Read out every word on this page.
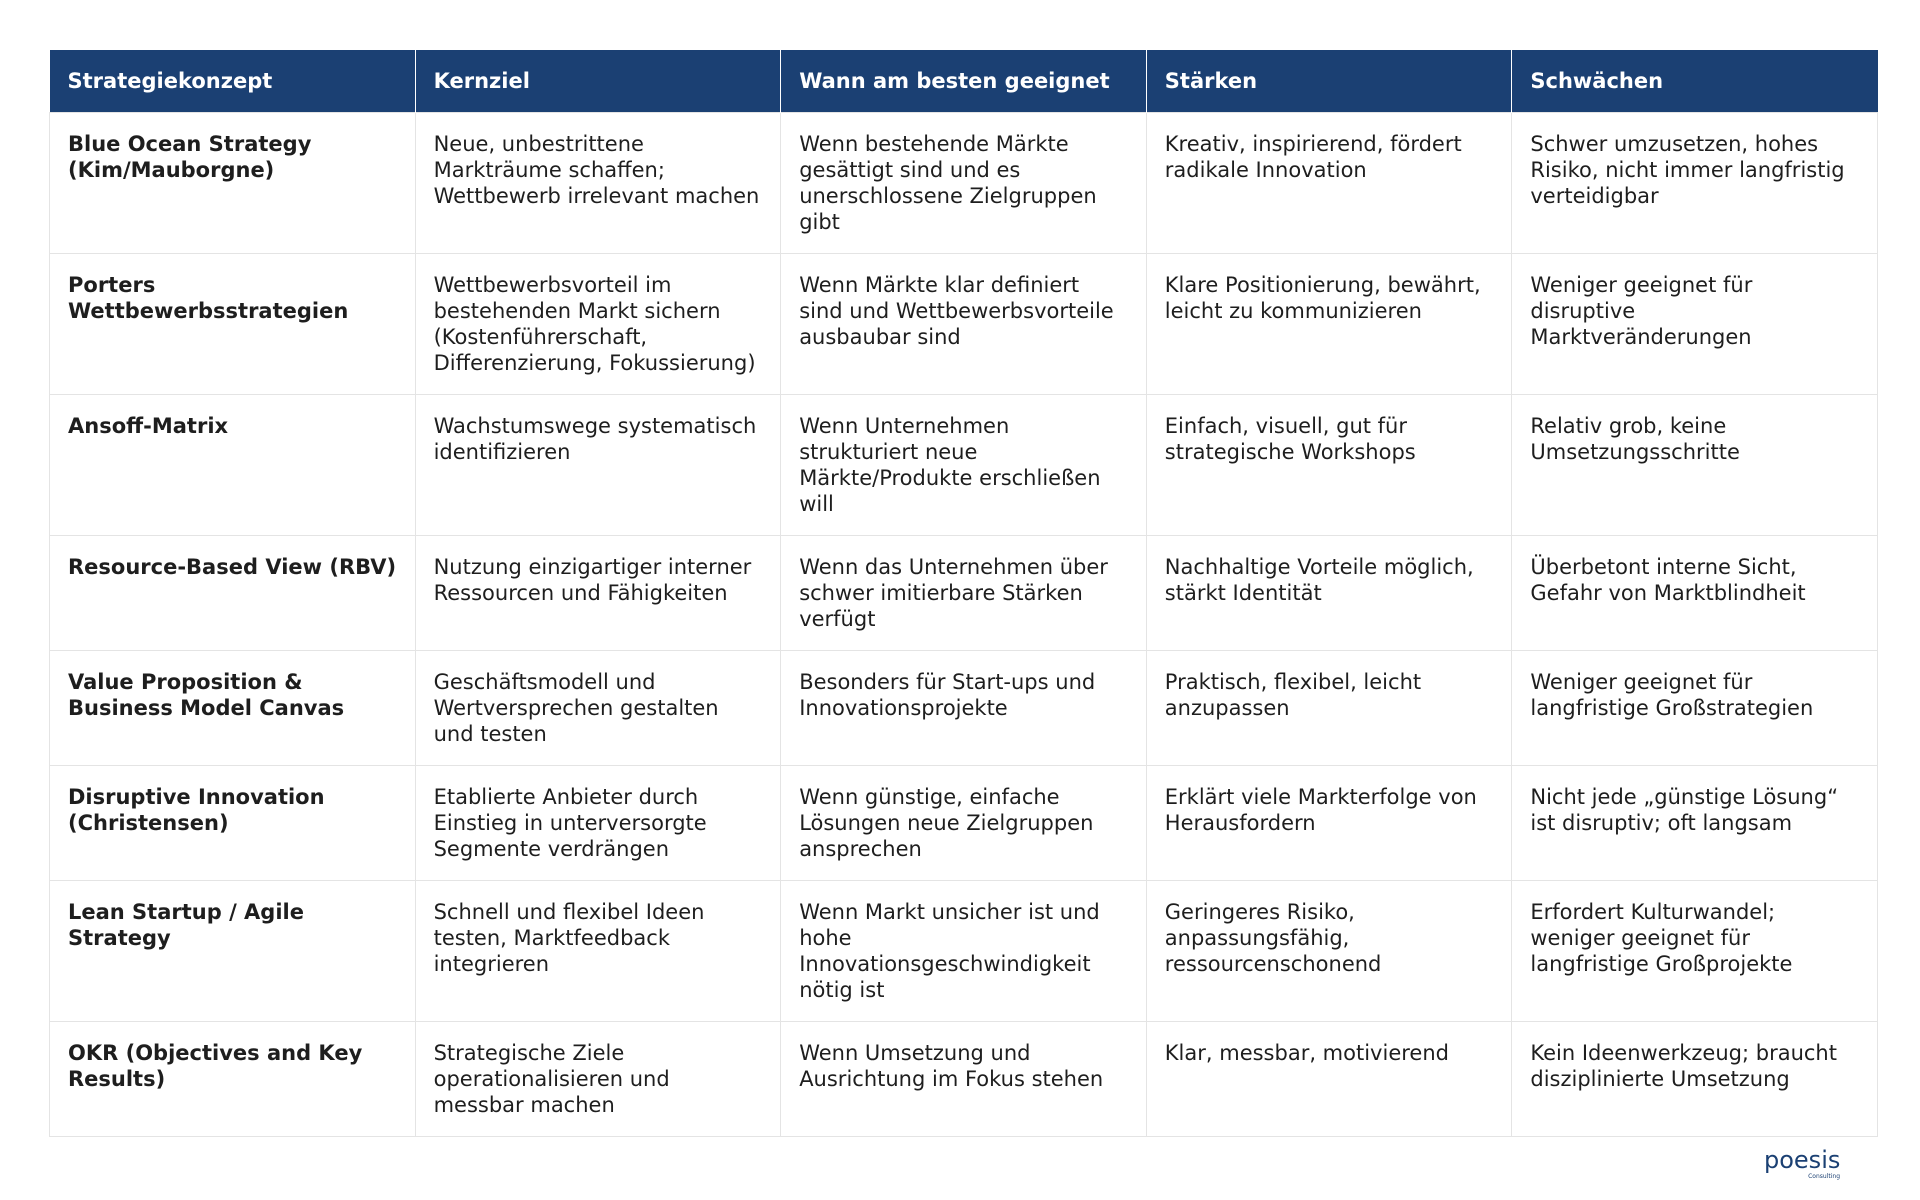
Strategiekonzept	Kernziel	Wann am besten geeignet	Stärken	Schwächen
Blue Ocean Strategy (Kim/Mauborgne)	Neue, unbestrittene Markträume schaffen; Wettbewerb irrelevant machen	Wenn bestehende Märkte gesättigt sind und es unerschlossene Zielgruppen gibt	Kreativ, inspirierend, fördert radikale Innovation	Schwer umzusetzen, hohes Risiko, nicht immer langfristig verteidigbar
Porters Wettbewerbsstrategien	Wettbewerbsvorteil im bestehenden Markt sichern (Kostenführerschaft, Differenzierung, Fokussierung)	Wenn Märkte klar definiert sind und Wettbewerbsvorteile ausbaubar sind	Klare Positionierung, bewährt, leicht zu kommunizieren	Weniger geeignet für disruptive Marktveränderungen
Ansoff-Matrix	Wachstumswege systematisch identifizieren	Wenn Unternehmen strukturiert neue Märkte/Produkte erschließen will	Einfach, visuell, gut für strategische Workshops	Relativ grob, keine Umsetzungsschritte
Resource-Based View (RBV)	Nutzung einzigartiger interner Ressourcen und Fähigkeiten	Wenn das Unternehmen über schwer imitierbare Stärken verfügt	Nachhaltige Vorteile möglich, stärkt Identität	Überbetont interne Sicht, Gefahr von Marktblindheit
Value Proposition & Business Model Canvas	Geschäftsmodell und Wertversprechen gestalten und testen	Besonders für Start-ups und Innovationsprojekte	Praktisch, flexibel, leicht anzupassen	Weniger geeignet für langfristige Großstrategien
Disruptive Innovation (Christensen)	Etablierte Anbieter durch Einstieg in unterversorgte Segmente verdrängen	Wenn günstige, einfache Lösungen neue Zielgruppen ansprechen	Erklärt viele Markterfolge von Herausfordern	Nicht jede „günstige Lösung“ ist disruptiv; oft langsam
Lean Startup / Agile Strategy	Schnell und flexibel Ideen testen, Marktfeedback integrieren	Wenn Markt unsicher ist und hohe Innovationsgeschwindigkeit nötig ist	Geringeres Risiko, anpassungsfähig, ressourcenschonend	Erfordert Kulturwandel; weniger geeignet für langfristige Großprojekte
OKR (Objectives and Key Results)	Strategische Ziele operationalisieren und messbar machen	Wenn Umsetzung und Ausrichtung im Fokus stehen	Klar, messbar, motivierend	Kein Ideenwerkzeug; braucht disziplinierte Umsetzung
poesis
Consulting
